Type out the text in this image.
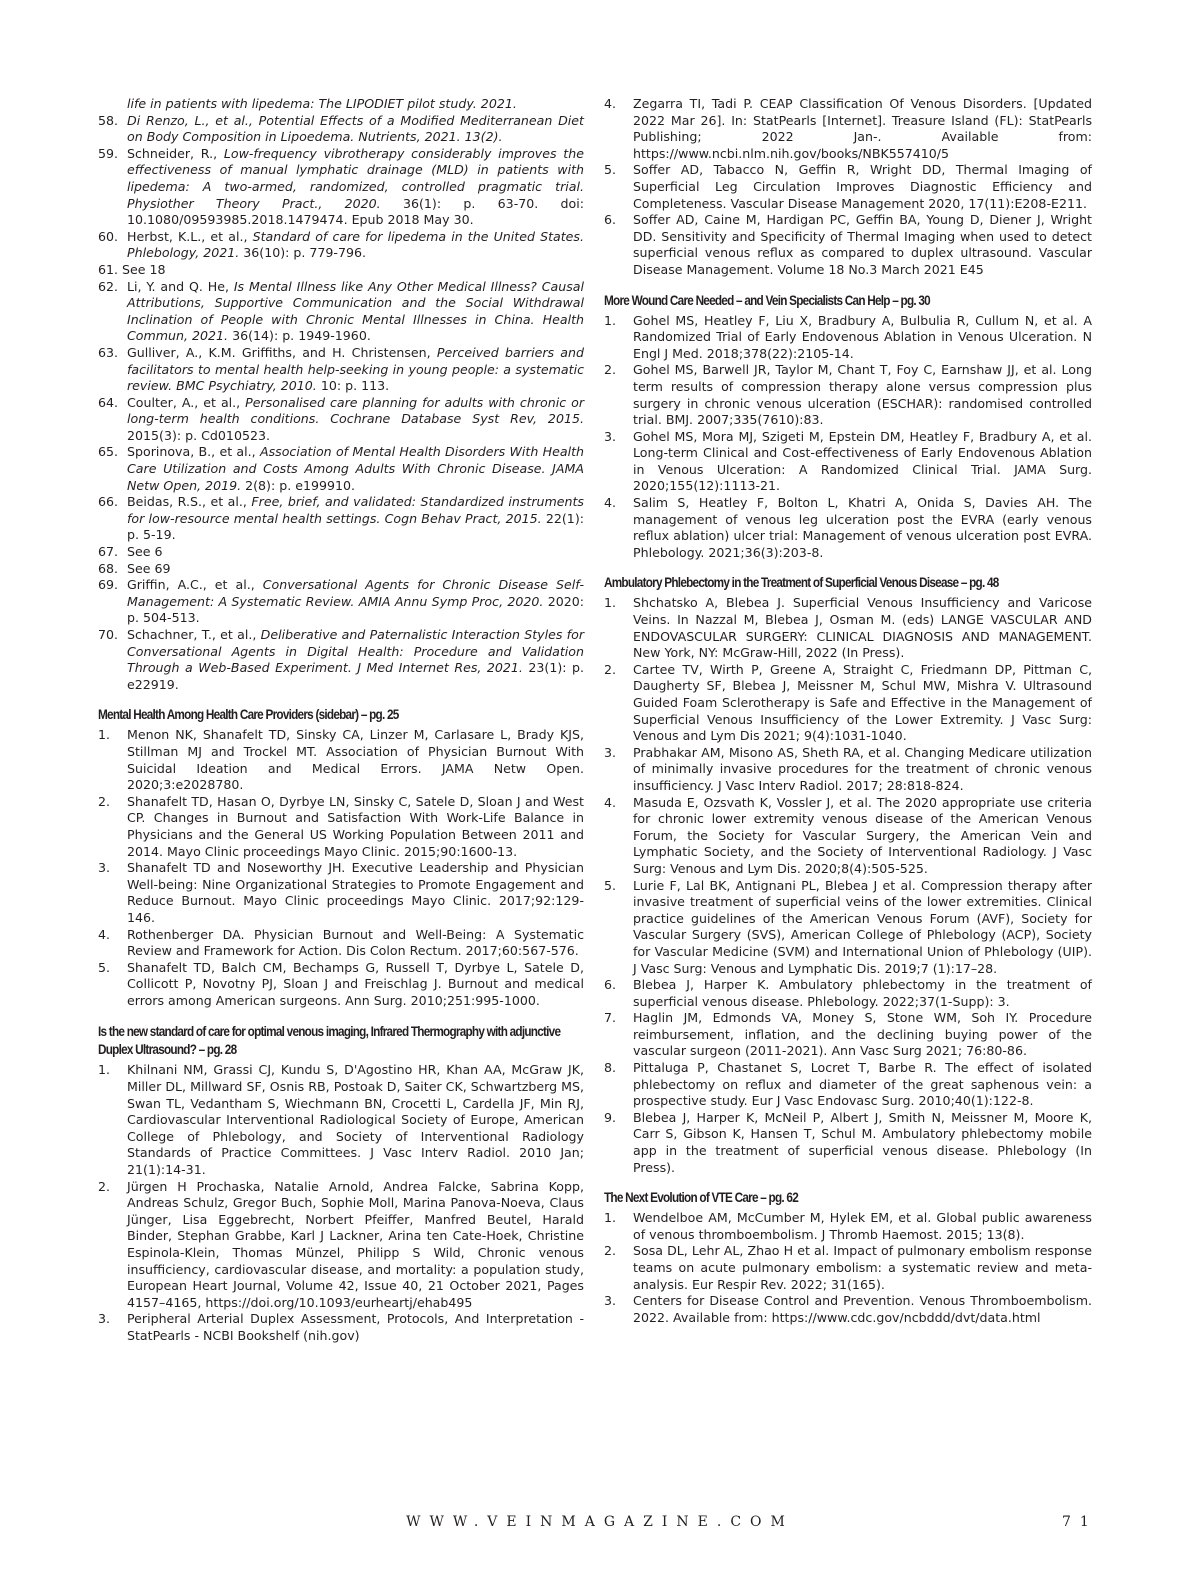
life in patients with lipedema: The LIPODIET pilot study. 2021.
58. Di Renzo, L., et al., Potential Effects of a Modified Mediterranean Diet on Body Composition in Lipoedema. Nutrients, 2021. 13(2).
59. Schneider, R., Low-frequency vibrotherapy considerably improves the effectiveness of manual lymphatic drainage (MLD) in patients with lipedema: A two-armed, randomized, controlled pragmatic trial. Physiother Theory Pract., 2020. 36(1): p. 63-70. doi: 10.1080/09593985.2018.1479474. Epub 2018 May 30.
60. Herbst, K.L., et al., Standard of care for lipedema in the United States. Phlebology, 2021. 36(10): p. 779-796.
61. See 18
62. Li, Y. and Q. He, Is Mental Illness like Any Other Medical Illness? Causal Attributions, Supportive Communication and the Social Withdrawal Inclination of People with Chronic Mental Illnesses in China. Health Commun, 2021. 36(14): p. 1949-1960.
63. Gulliver, A., K.M. Griffiths, and H. Christensen, Perceived barriers and facilitators to mental health help-seeking in young people: a systematic review. BMC Psychiatry, 2010. 10: p. 113.
64. Coulter, A., et al., Personalised care planning for adults with chronic or long-term health conditions. Cochrane Database Syst Rev, 2015. 2015(3): p. Cd010523.
65. Sporinova, B., et al., Association of Mental Health Disorders With Health Care Utilization and Costs Among Adults With Chronic Disease. JAMA Netw Open, 2019. 2(8): p. e199910.
66. Beidas, R.S., et al., Free, brief, and validated: Standardized instruments for low-resource mental health settings. Cogn Behav Pract, 2015. 22(1): p. 5-19.
67. See 6
68. See 69
69. Griffin, A.C., et al., Conversational Agents for Chronic Disease Self-Management: A Systematic Review. AMIA Annu Symp Proc, 2020. 2020: p. 504-513.
70. Schachner, T., et al., Deliberative and Paternalistic Interaction Styles for Conversational Agents in Digital Health: Procedure and Validation Through a Web-Based Experiment. J Med Internet Res, 2021. 23(1): p. e22919.
Mental Health Among Health Care Providers (sidebar) – pg. 25
1.	Menon NK, Shanafelt TD, Sinsky CA, Linzer M, Carlasare L, Brady KJS, Stillman MJ and Trockel MT. Association of Physician Burnout With Suicidal Ideation and Medical Errors. JAMA Netw Open. 2020;3:e2028780.
2.	Shanafelt TD, Hasan O, Dyrbye LN, Sinsky C, Satele D, Sloan J and West CP. Changes in Burnout and Satisfaction With Work-Life Balance in Physicians and the General US Working Population Between 2011 and 2014. Mayo Clinic proceedings Mayo Clinic. 2015;90:1600-13.
3.	Shanafelt TD and Noseworthy JH. Executive Leadership and Physician Well-being: Nine Organizational Strategies to Promote Engagement and Reduce Burnout. Mayo Clinic proceedings Mayo Clinic. 2017;92:129-146.
4.	Rothenberger DA. Physician Burnout and Well-Being: A Systematic Review and Framework for Action. Dis Colon Rectum. 2017;60:567-576.
5.	Shanafelt TD, Balch CM, Bechamps G, Russell T, Dyrbye L, Satele D, Collicott P, Novotny PJ, Sloan J and Freischlag J. Burnout and medical errors among American surgeons. Ann Surg. 2010;251:995-1000.
Is the new standard of care for optimal venous imaging, Infrared Thermography with adjunctive Duplex Ultrasound? – pg. 28
1.	Khilnani NM, Grassi CJ, Kundu S, D'Agostino HR, Khan AA, McGraw JK, Miller DL, Millward SF, Osnis RB, Postoak D, Saiter CK, Schwartzberg MS, Swan TL, Vedantham S, Wiechmann BN, Crocetti L, Cardella JF, Min RJ, Cardiovascular Interventional Radiological Society of Europe, American College of Phlebology, and Society of Interventional Radiology Standards of Practice Committees. J Vasc Interv Radiol. 2010 Jan; 21(1):14-31.
2.	Jürgen H Prochaska, Natalie Arnold, Andrea Falcke, Sabrina Kopp, Andreas Schulz, Gregor Buch, Sophie Moll, Marina Panova-Noeva, Claus Jünger, Lisa Eggebrecht, Norbert Pfeiffer, Manfred Beutel, Harald Binder, Stephan Grabbe, Karl J Lackner, Arina ten Cate-Hoek, Christine Espinola-Klein, Thomas Münzel, Philipp S Wild, Chronic venous insufficiency, cardiovascular disease, and mortality: a population study, European Heart Journal, Volume 42, Issue 40, 21 October 2021, Pages 4157–4165, https://doi.org/10.1093/eurheartj/ehab495
3.	Peripheral Arterial Duplex Assessment, Protocols, And Interpretation - StatPearls - NCBI Bookshelf (nih.gov)
4.	Zegarra TI, Tadi P. CEAP Classification Of Venous Disorders. [Updated 2022 Mar 26]. In: StatPearls [Internet]. Treasure Island (FL): StatPearls Publishing; 2022 Jan-. Available from: https://www.ncbi.nlm.nih.gov/books/NBK557410/5
5.	Soffer AD, Tabacco N, Geffin R, Wright DD, Thermal Imaging of Superficial Leg Circulation Improves Diagnostic Efficiency and Completeness. Vascular Disease Management 2020, 17(11):E208-E211.
6.	Soffer AD, Caine M, Hardigan PC, Geffin BA, Young D, Diener J, Wright DD. Sensitivity and Specificity of Thermal Imaging when used to detect superficial venous reflux as compared to duplex ultrasound. Vascular Disease Management. Volume 18 No.3 March 2021 E45
More Wound Care Needed – and Vein Specialists Can Help – pg. 30
1.	Gohel MS, Heatley F, Liu X, Bradbury A, Bulbulia R, Cullum N, et al. A Randomized Trial of Early Endovenous Ablation in Venous Ulceration. N Engl J Med. 2018;378(22):2105-14.
2.	Gohel MS, Barwell JR, Taylor M, Chant T, Foy C, Earnshaw JJ, et al. Long term results of compression therapy alone versus compression plus surgery in chronic venous ulceration (ESCHAR): randomised controlled trial. BMJ. 2007;335(7610):83.
3.	Gohel MS, Mora MJ, Szigeti M, Epstein DM, Heatley F, Bradbury A, et al. Long-term Clinical and Cost-effectiveness of Early Endovenous Ablation in Venous Ulceration: A Randomized Clinical Trial. JAMA Surg. 2020;155(12):1113-21.
4.	Salim S, Heatley F, Bolton L, Khatri A, Onida S, Davies AH. The management of venous leg ulceration post the EVRA (early venous reflux ablation) ulcer trial: Management of venous ulceration post EVRA. Phlebology. 2021;36(3):203-8.
Ambulatory Phlebectomy in the Treatment of Superficial Venous Disease – pg. 48
1.	Shchatsko A, Blebea J. Superficial Venous Insufficiency and Varicose Veins. In Nazzal M, Blebea J, Osman M. (eds) LANGE VASCULAR AND ENDOVASCULAR SURGERY: CLINICAL DIAGNOSIS AND MANAGEMENT. New York, NY: McGraw-Hill, 2022 (In Press).
2.	Cartee TV, Wirth P, Greene A, Straight C, Friedmann DP, Pittman C, Daugherty SF, Blebea J, Meissner M, Schul MW, Mishra V. Ultrasound Guided Foam Sclerotherapy is Safe and Effective in the Management of Superficial Venous Insufficiency of the Lower Extremity. J Vasc Surg: Venous and Lym Dis 2021; 9(4):1031-1040.
3.	Prabhakar AM, Misono AS, Sheth RA, et al. Changing Medicare utilization of minimally invasive procedures for the treatment of chronic venous insufficiency. J Vasc Interv Radiol. 2017; 28:818-824.
4.	Masuda E, Ozsvath K, Vossler J, et al. The 2020 appropriate use criteria for chronic lower extremity venous disease of the American Venous Forum, the Society for Vascular Surgery, the American Vein and Lymphatic Society, and the Society of Interventional Radiology. J Vasc Surg: Venous and Lym Dis. 2020;8(4):505-525.
5.	Lurie F, Lal BK, Antignani PL, Blebea J et al. Compression therapy after invasive treatment of superficial veins of the lower extremities. Clinical practice guidelines of the American Venous Forum (AVF), Society for Vascular Surgery (SVS), American College of Phlebology (ACP), Society for Vascular Medicine (SVM) and International Union of Phlebology (UIP). J Vasc Surg: Venous and Lymphatic Dis. 2019;7 (1):17–28.
6.	Blebea J, Harper K. Ambulatory phlebectomy in the treatment of superficial venous disease. Phlebology. 2022;37(1-Supp): 3.
7.	Haglin JM, Edmonds VA, Money S, Stone WM, Soh IY. Procedure reimbursement, inflation, and the declining buying power of the vascular surgeon (2011-2021). Ann Vasc Surg 2021; 76:80-86.
8.	Pittaluga P, Chastanet S, Locret T, Barbe R. The effect of isolated phlebectomy on reflux and diameter of the great saphenous vein: a prospective study. Eur J Vasc Endovasc Surg. 2010;40(1):122-8.
9.	Blebea J, Harper K, McNeil P, Albert J, Smith N, Meissner M, Moore K, Carr S, Gibson K, Hansen T, Schul M. Ambulatory phlebectomy mobile app in the treatment of superficial venous disease. Phlebology (In Press).
The Next Evolution of VTE Care – pg. 62
1.	Wendelboe AM, McCumber M, Hylek EM, et al. Global public awareness of venous thromboembolism. J Thromb Haemost. 2015; 13(8).
2.	Sosa DL, Lehr AL, Zhao H et al. Impact of pulmonary embolism response teams on acute pulmonary embolism: a systematic review and meta-analysis. Eur Respir Rev. 2022; 31(165).
3.	Centers for Disease Control and Prevention. Venous Thromboembolism. 2022. Available from: https://www.cdc.gov/ncbddd/dvt/data.html
WWW.VEINMAGAZINE.COM	71
